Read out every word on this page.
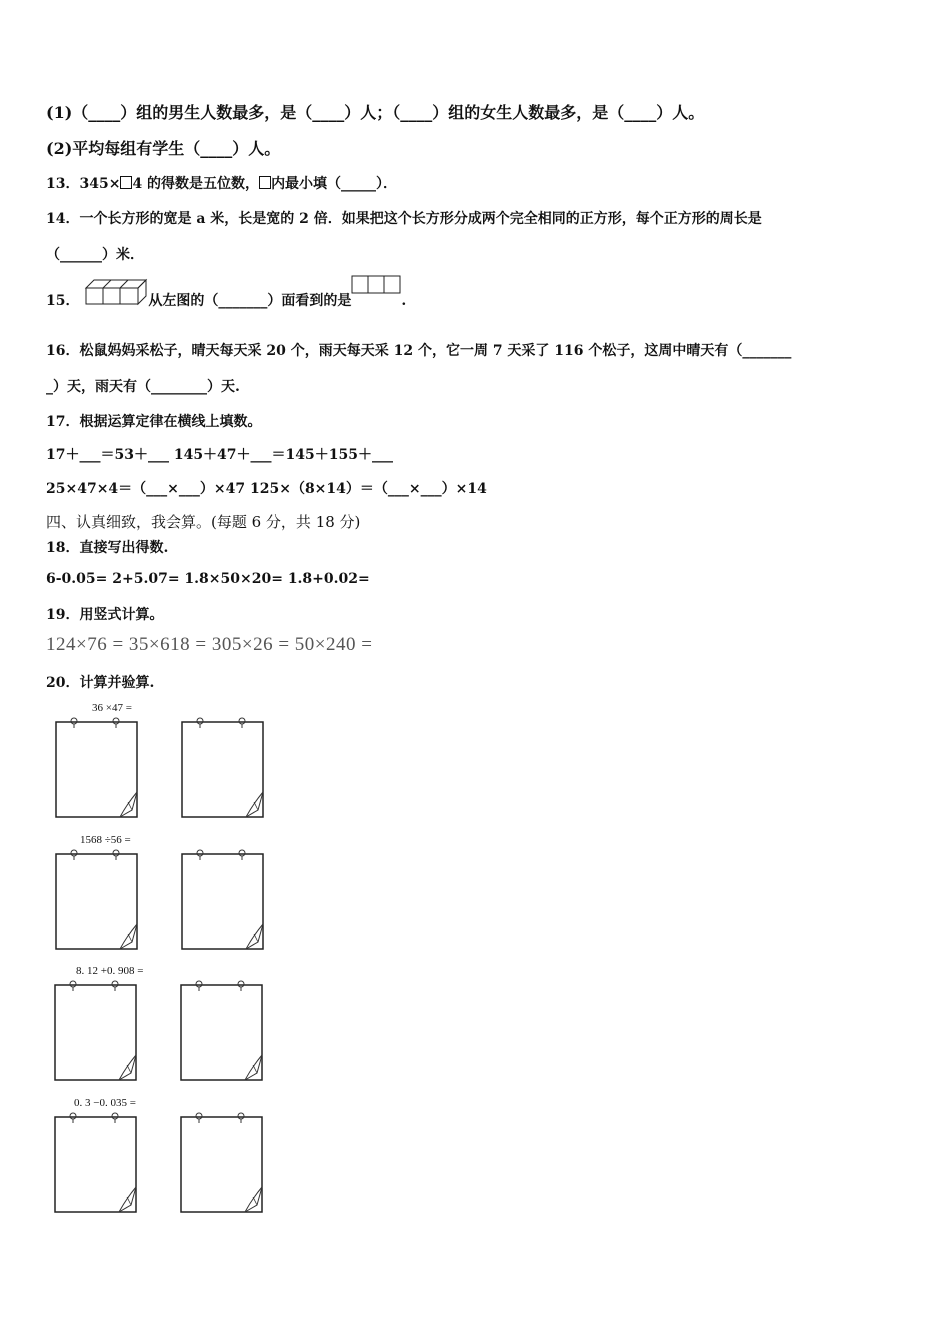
(1)（____）组的男生人数最多，是（____）人；（____）组的女生人数最多，是（____）人。
(2)平均每组有学生（____）人。
13．345× 4 的得数是五位数， 内最小填（_____）．
14．一个长方形的宽是 a 米，长是宽的 2 倍．如果把这个长方形分成两个完全相同的正方形，每个正方形的周长是
（______）米．
15．	从左图的（_______）面看到的是	.
16．松鼠妈妈采松子，晴天每天采 20 个，雨天每天采 12 个，它一周 7 天采了 116 个松子，这周中晴天有（_______
_）天，雨天有（________）天.
17．根据运算定律在横线上填数。
17＋___＝53＋___ 145＋47＋___＝145＋155＋___
25×47×4＝（___×___）×47 125×（8×14）＝（___×___）×14
四、认真细致，我会算。(每题 6 分，共 18 分)
18．直接写出得数.
6-0.05= 2+5.07= 1.8×50×20= 1.8+0.02=
19．用竖式计算。
124×76 = 35×618 = 305×26 = 50×240 =
20．计算并验算.
36 ×47 =
1568 ÷56 =
8. 12 +0. 908 =
0. 3 −0. 035 =
